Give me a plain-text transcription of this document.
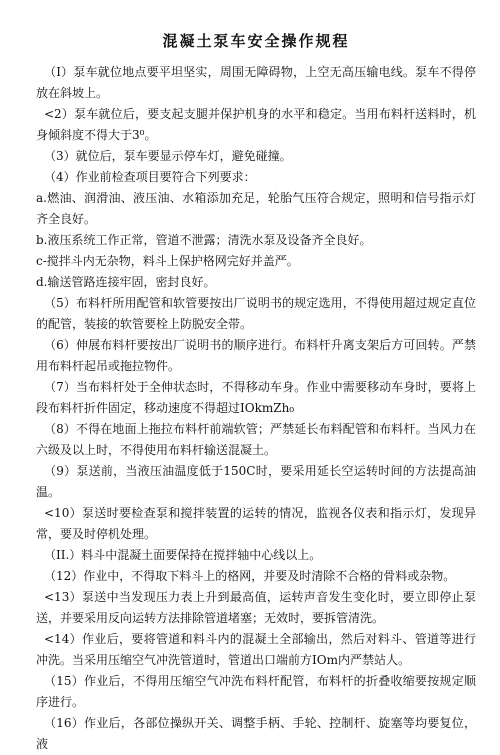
混凝土泵车安全操作规程

（I）泵车就位地点要平坦坚实，周围无障碍物，上空无高压输电线。泵车不得停放在斜坡上。

<2）泵车就位后，要支起支腿并保护机身的水平和稳定。当用布料杆送料时，机身倾斜度不得大于3⁰。

（3）就位后，泵车要显示停车灯，避免碰撞。

（4）作业前检查项目要符合下列要求：

a.燃油、润滑油、液压油、水箱添加充足，轮胎气压符合规定，照明和信号指示灯齐全良好。

b.液压系统工作正常，管道不泄露；清洗水泵及设备齐全良好。

c-搅拌斗内无杂物，料斗上保护格网完好并盖严。

d.输送管路连接牢固，密封良好。

（5）布料杆所用配管和软管要按出厂说明书的规定选用，不得使用超过规定直位的配管，装接的软管要栓上防脱安全带。

（6）伸展布料杆要按出厂说明书的顺序进行。布料杆升离支架后方可回转。严禁用布料杆起吊或拖拉物件。

（7）当布料杆处于全伸状态时，不得移动车身。作业中需要移动车身时，要将上段布料杆折件固定，移动速度不得超过IOkmZh₀

（8）不得在地面上拖拉布料杆前端软管；严禁延长布料配管和布料杆。当风力在六级及以上时，不得使用布料杆输送混凝土。

（9）泵送前，当液压油温度低于150C时，要采用延长空运转时间的方法提高油温。

<10）泵送时要检查泵和搅拌装置的运转的情况，监视各仪表和指示灯，发现异常，要及时停机处理。

（II.）料斗中混凝土面要保持在搅拌轴中心线以上。

（12）作业中，不得取下料斗上的格网，并要及时清除不合格的骨料或杂物。

<13）泵送中当发现压力表上升到最高值，运转声音发生变化时，要立即停止泵送，并要采用反向运转方法排除管道堵塞；无效时，要拆管清洗。

<14）作业后，要将管道和料斗内的混凝土全部输出，然后对料斗、管道等进行冲洗。当采用压缩空气冲洗管道时，管道出口端前方IOm内严禁站人。

（15）作业后，不得用压缩空气冲洗布料杆配管，布料杆的折叠收缩要按规定顺序进行。

（16）作业后，各部位操纵开关、调整手柄、手轮、控制杆、旋塞等均要复位，液
